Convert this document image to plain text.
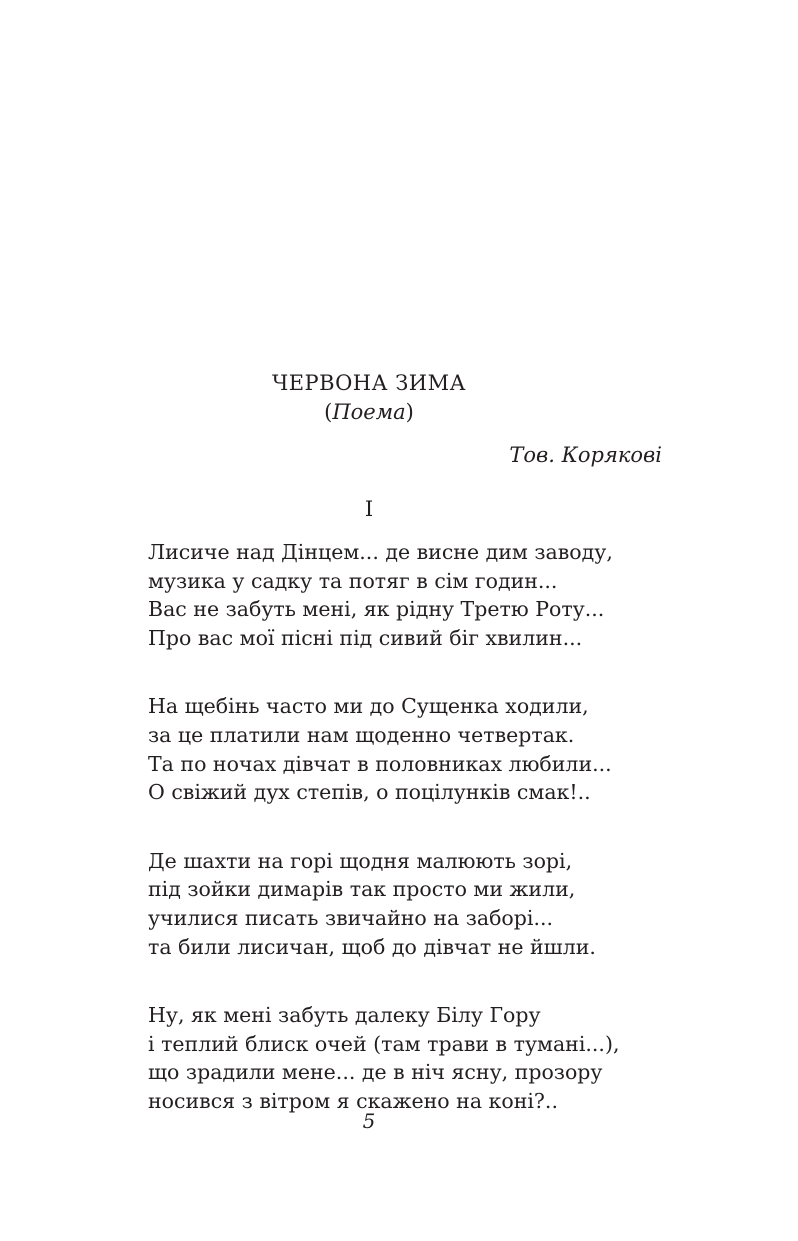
ЧЕРВОНА ЗИМА
(Поема)
Тов. Корякові
I
Лисиче над Дінцем... де висне дим заводу,
музика у садку та потяг в сім годин...
Вас не забуть мені, як рідну Третю Роту...
Про вас мої пісні під сивий біг хвилин...
На щебінь часто ми до Сущенка ходили,
за це платили нам щоденно четвертак.
Та по ночах дівчат в половниках любили...
О свіжий дух степів, о поцілунків смак!..
Де шахти на горі щодня малюють зорі,
під зойки димарів так просто ми жили,
училися писать звичайно на заборі...
та били лисичан, щоб до дівчат не йшли.
Ну, як мені забуть далеку Білу Гору
і теплий блиск очей (там трави в тумані...),
що зрадили мене... де в ніч ясну, прозору
носився з вітром я скажено на коні?..
5
